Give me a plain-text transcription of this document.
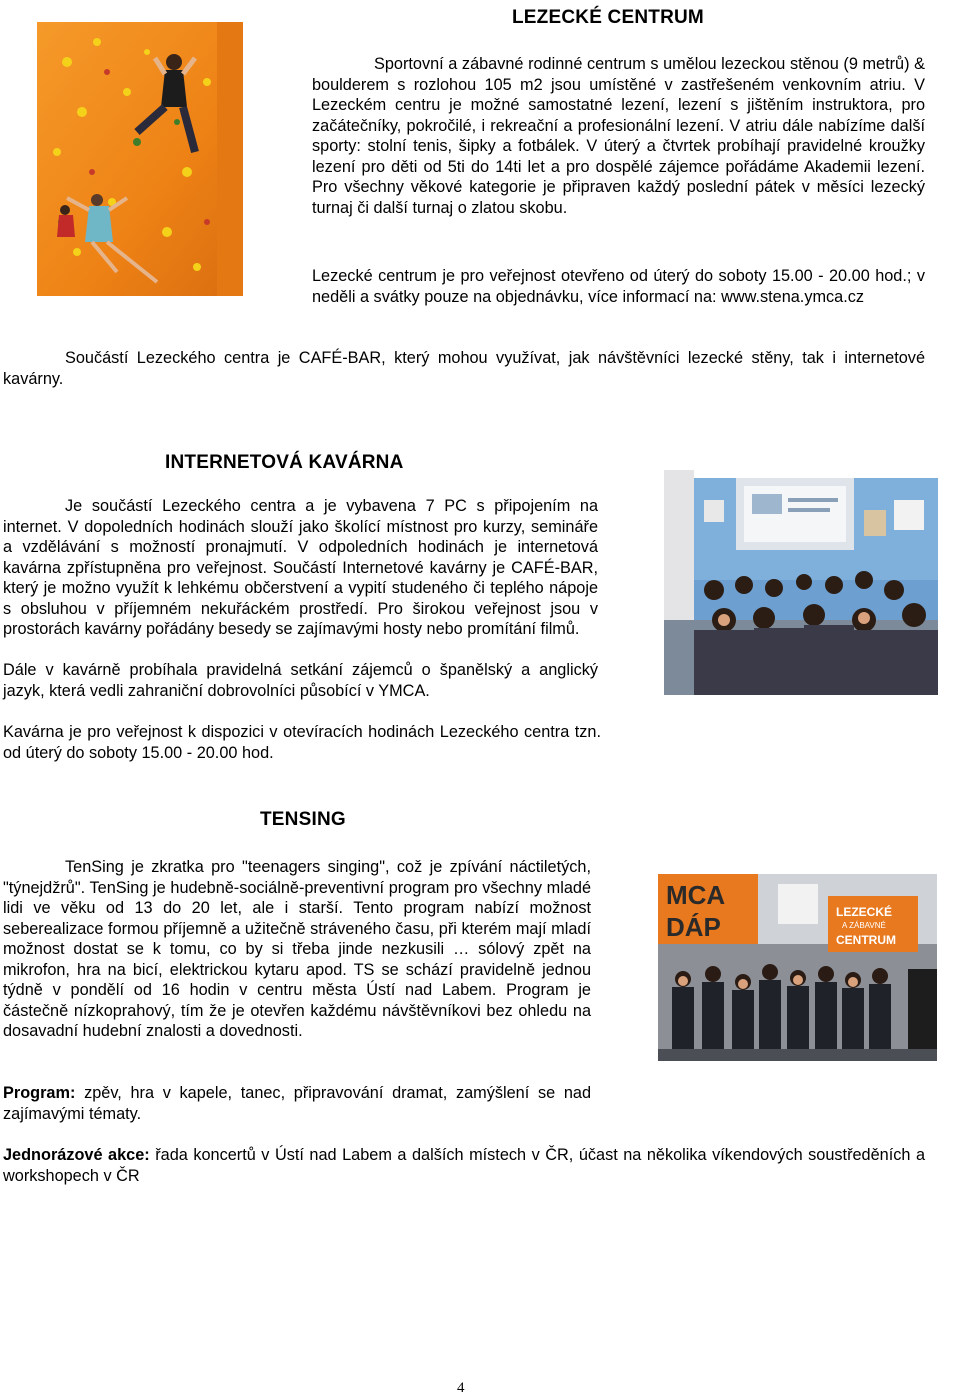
LEZECKÉ CENTRUM

Sportovní a zábavné rodinné centrum s umělou lezeckou stěnou (9 metrů) & boulderem s rozlohou 105 m2 jsou umístěné v zastřešeném venkovním atriu. V Lezeckém centru je možné samostatné lezení, lezení s jištěním instruktora, pro začátečníky, pokročilé, i rekreační a profesionální lezení. V atriu dále nabízíme další sporty: stolní tenis, šipky a fotbálek. V úterý a čtvrtek probíhají pravidelné kroužky lezení pro děti od 5ti do 14ti let a pro dospělé zájemce pořádáme Akademii lezení. Pro všechny věkové kategorie je připraven každý poslední pátek v měsíci lezecký turnaj či další turnaj o zlatou skobu.

Lezecké centrum je pro veřejnost otevřeno od úterý do soboty 15.00 - 20.00 hod.; v neděli a svátky pouze na objednávku, více informací na: www.stena.ymca.cz

Součástí Lezeckého centra je CAFÉ-BAR, který mohou využívat, jak návštěvníci lezecké stěny, tak i internetové kavárny.

INTERNETOVÁ KAVÁRNA

Je součástí Lezeckého centra a je vybavena 7 PC s připojením na internet. V dopoledních hodinách slouží jako školící místnost pro kurzy, semináře a vzdělávání s možností pronajmutí. V odpoledních hodinách je internetová kavárna zpřístupněna pro veřejnost. Součástí Internetové kavárny je CAFÉ-BAR, který je možno využít k lehkému občerstvení a vypití studeného či teplého nápoje s obsluhou v příjemném nekuřáckém prostředí. Pro širokou veřejnost jsou v prostorách kavárny pořádány besedy se zajímavými hosty nebo promítání filmů.

Dále v kavárně probíhala pravidelná setkání zájemců o španělský a anglický jazyk, která vedli zahraniční dobrovolníci působící v YMCA.

Kavárna je pro veřejnost k dispozici v otevíracích hodinách Lezeckého centra tzn. od úterý do soboty 15.00 - 20.00 hod.

TENSING

TenSing je zkratka pro "teenagers singing", což je zpívání náctiletých, "týnejdžrů". TenSing je hudebně-sociálně-preventivní program pro všechny mladé lidi ve věku od 13 do 20 let, ale i starší. Tento program nabízí možnost seberealizace formou příjemně a užitečně stráveného času, při kterém mají mladí možnost dostat se k tomu, co by si třeba jinde nezkusili … sólový zpět na mikrofon, hra na bicí, elektrickou kytaru apod. TS se schází pravidelně jednou týdně v pondělí od 16 hodin v centru města Ústí nad Labem. Program je částečně nízkoprahový, tím že je otevřen každému návštěvníkovi bez ohledu na dosavadní hudební znalosti a dovednosti.

Program: zpěv, hra v kapele, tanec, připravování dramat, zamýšlení se nad zajímavými tématy.

Jednorázové akce: řada koncertů v Ústí nad Labem a dalších místech v ČR, účast na několika víkendových soustředěních a workshopech v ČR

MCA
DÁP	LEZECKÉ
A ZÁBAVNÉ
CENTRUM
4
